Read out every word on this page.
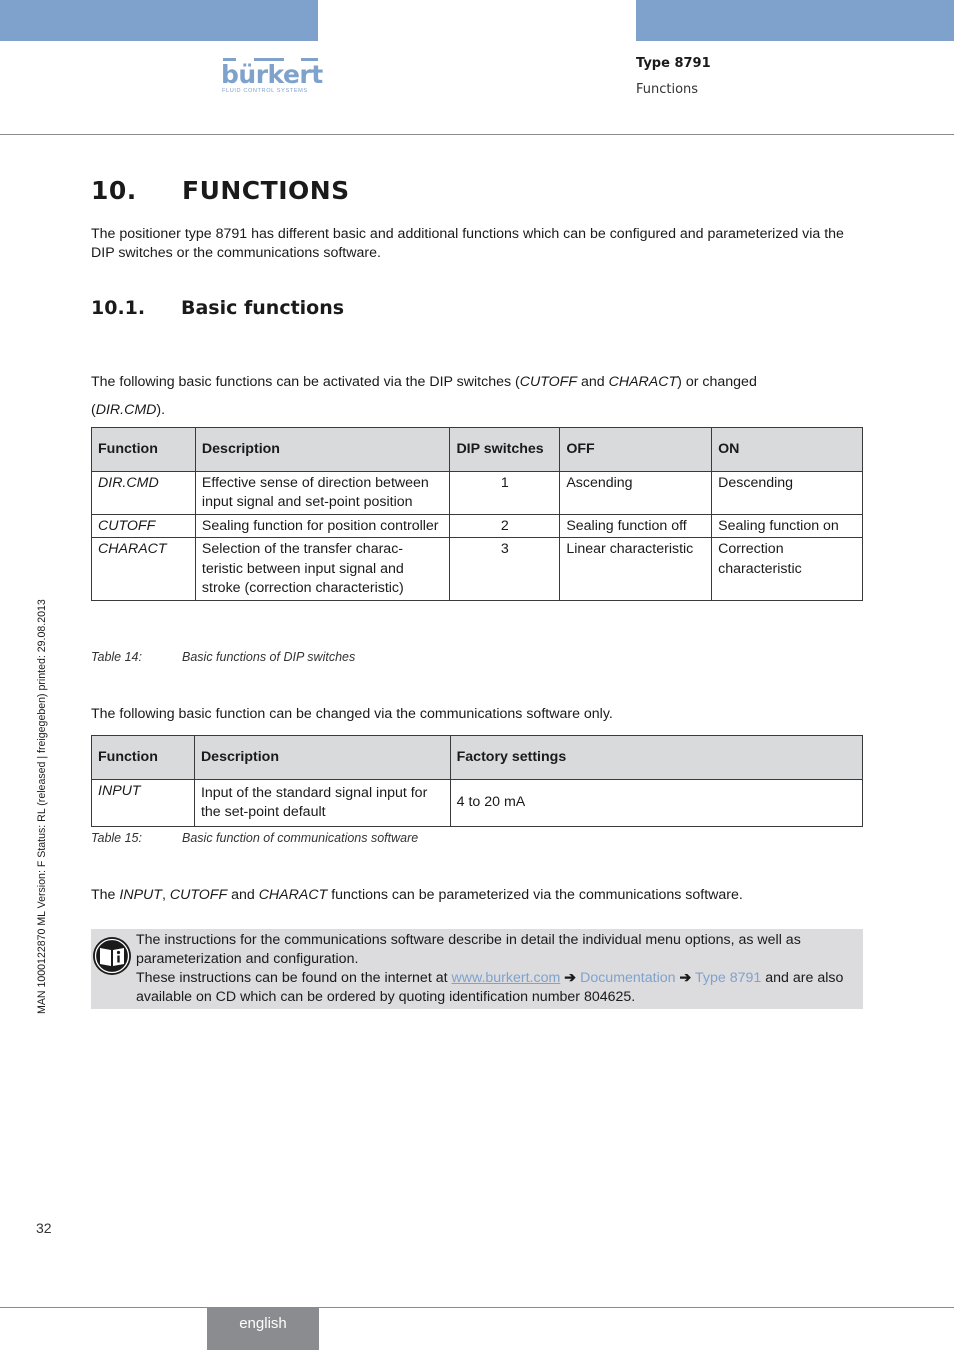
bürkert
FLUID CONTROL SYSTEMS
Type 8791
Functions
10. FUNCTIONS

The positioner type 8791 has different basic and additional functions which can be configured and parameterized via the DIP switches or the communications software.

10.1. Basic functions

The following basic functions can be activated via the DIP switches (CUTOFF and CHARACT) or changed
(DIR.CMD).

Function	Description	DIP switches	OFF	ON
DIR.CMD	Effective sense of direction between input signal and set-point position	1	Ascending	Descending
CUTOFF	Sealing function for position controller	2	Sealing function off	Sealing function on
CHARACT	Selection of the transfer charac-teristic between input signal and stroke (correction characteristic)	3	Linear characteristic	Correction characteristic
Table 14:	Basic functions of DIP switches

The following basic function can be changed via the communications software only.

Function	Description	Factory settings
INPUT	Input of the standard signal input for the set-point default	4 to 20 mA
Table 15:	Basic function of communications software

The INPUT, CUTOFF and CHARACT functions can be parameterized via the communications software.

The instructions for the communications software describe in detail the individual menu options, as well as parameterization and configuration.
These instructions can be found on the internet at www.burkert.com ➔ Documentation ➔ Type 8791 and are also available on CD which can be ordered by quoting identification number 804625.
MAN 1000122870 ML Version: F Status: RL (released | freigegeben) printed: 29.08.2013
32
english
